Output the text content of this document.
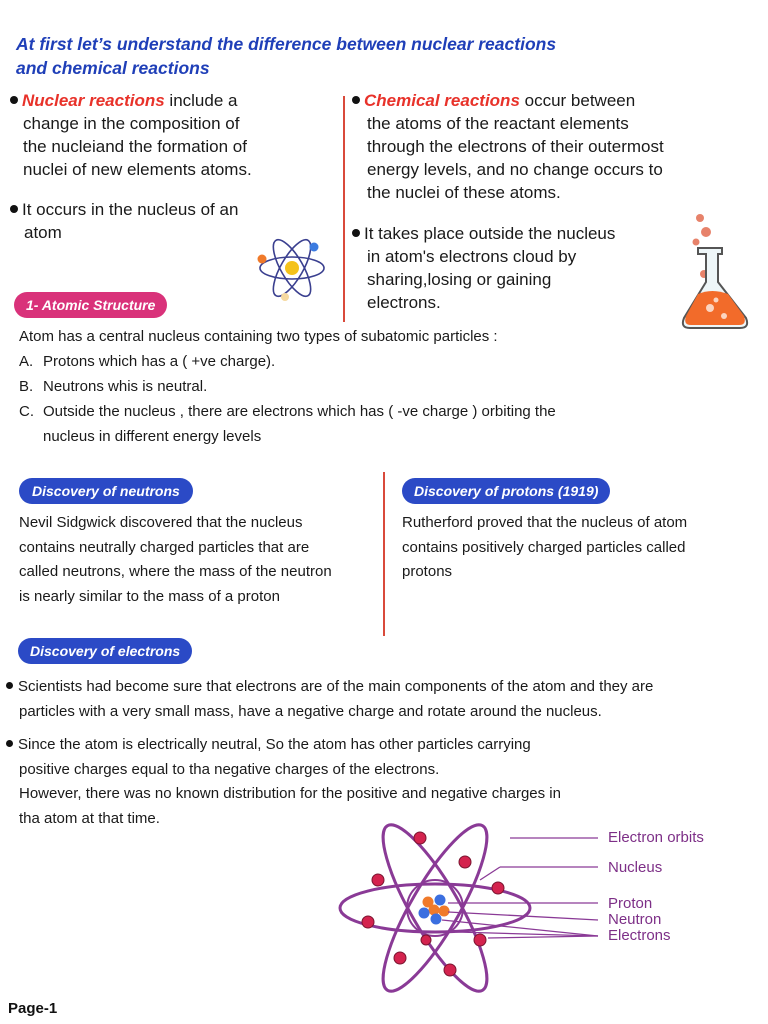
At first let’s understand the difference between nuclear reactions
and chemical reactions
Nuclear reactions include a
change in the composition of
the nucleiand the formation of
nuclei of new elements atoms.
It occurs in the nucleus of an
atom
Chemical reactions occur between
the atoms of the reactant elements
through the electrons of their outermost
energy levels, and no change occurs to
the nuclei of these atoms.
It takes place outside the nucleus
in atom's electrons cloud by
sharing,losing or gaining
electrons.
1- Atomic Structure
Atom has a central nucleus containing two types of subatomic particles :
A. Protons which has a ( +ve charge).
B. Neutrons whis is neutral.
C. Outside the nucleus , there are electrons which has ( -ve charge ) orbiting the
nucleus in different energy levels
Discovery of neutrons
Nevil Sidgwick discovered that the nucleus
contains neutrally charged particles that are
called neutrons, where the mass of the neutron
is nearly similar to the mass of a proton
Discovery of protons (1919)
Rutherford proved that the nucleus of atom
contains positively charged particles called
protons
Discovery of electrons
Scientists had become sure that electrons are of the main components of the atom and they are
particles with a very small mass, have a negative charge and rotate around the nucleus.
Since the atom is electrically neutral, So the atom has other particles carrying
positive charges equal to tha negative charges of the electrons.
However, there was no known distribution for the positive and negative charges in
tha atom at that time.
Electron orbits
Nucleus
Proton
Neutron
Electrons
Page-1
